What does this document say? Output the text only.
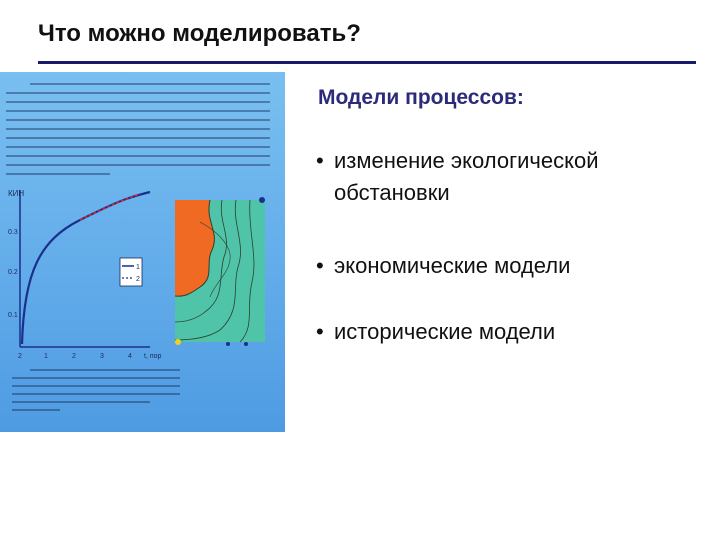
Что можно моделировать?
КИН
0.3
0.2
0.1
1
2
2	1	2	3	4 t, пор
Модели процессов:
• изменение экологической
обстановки
• экономические модели
• исторические модели
